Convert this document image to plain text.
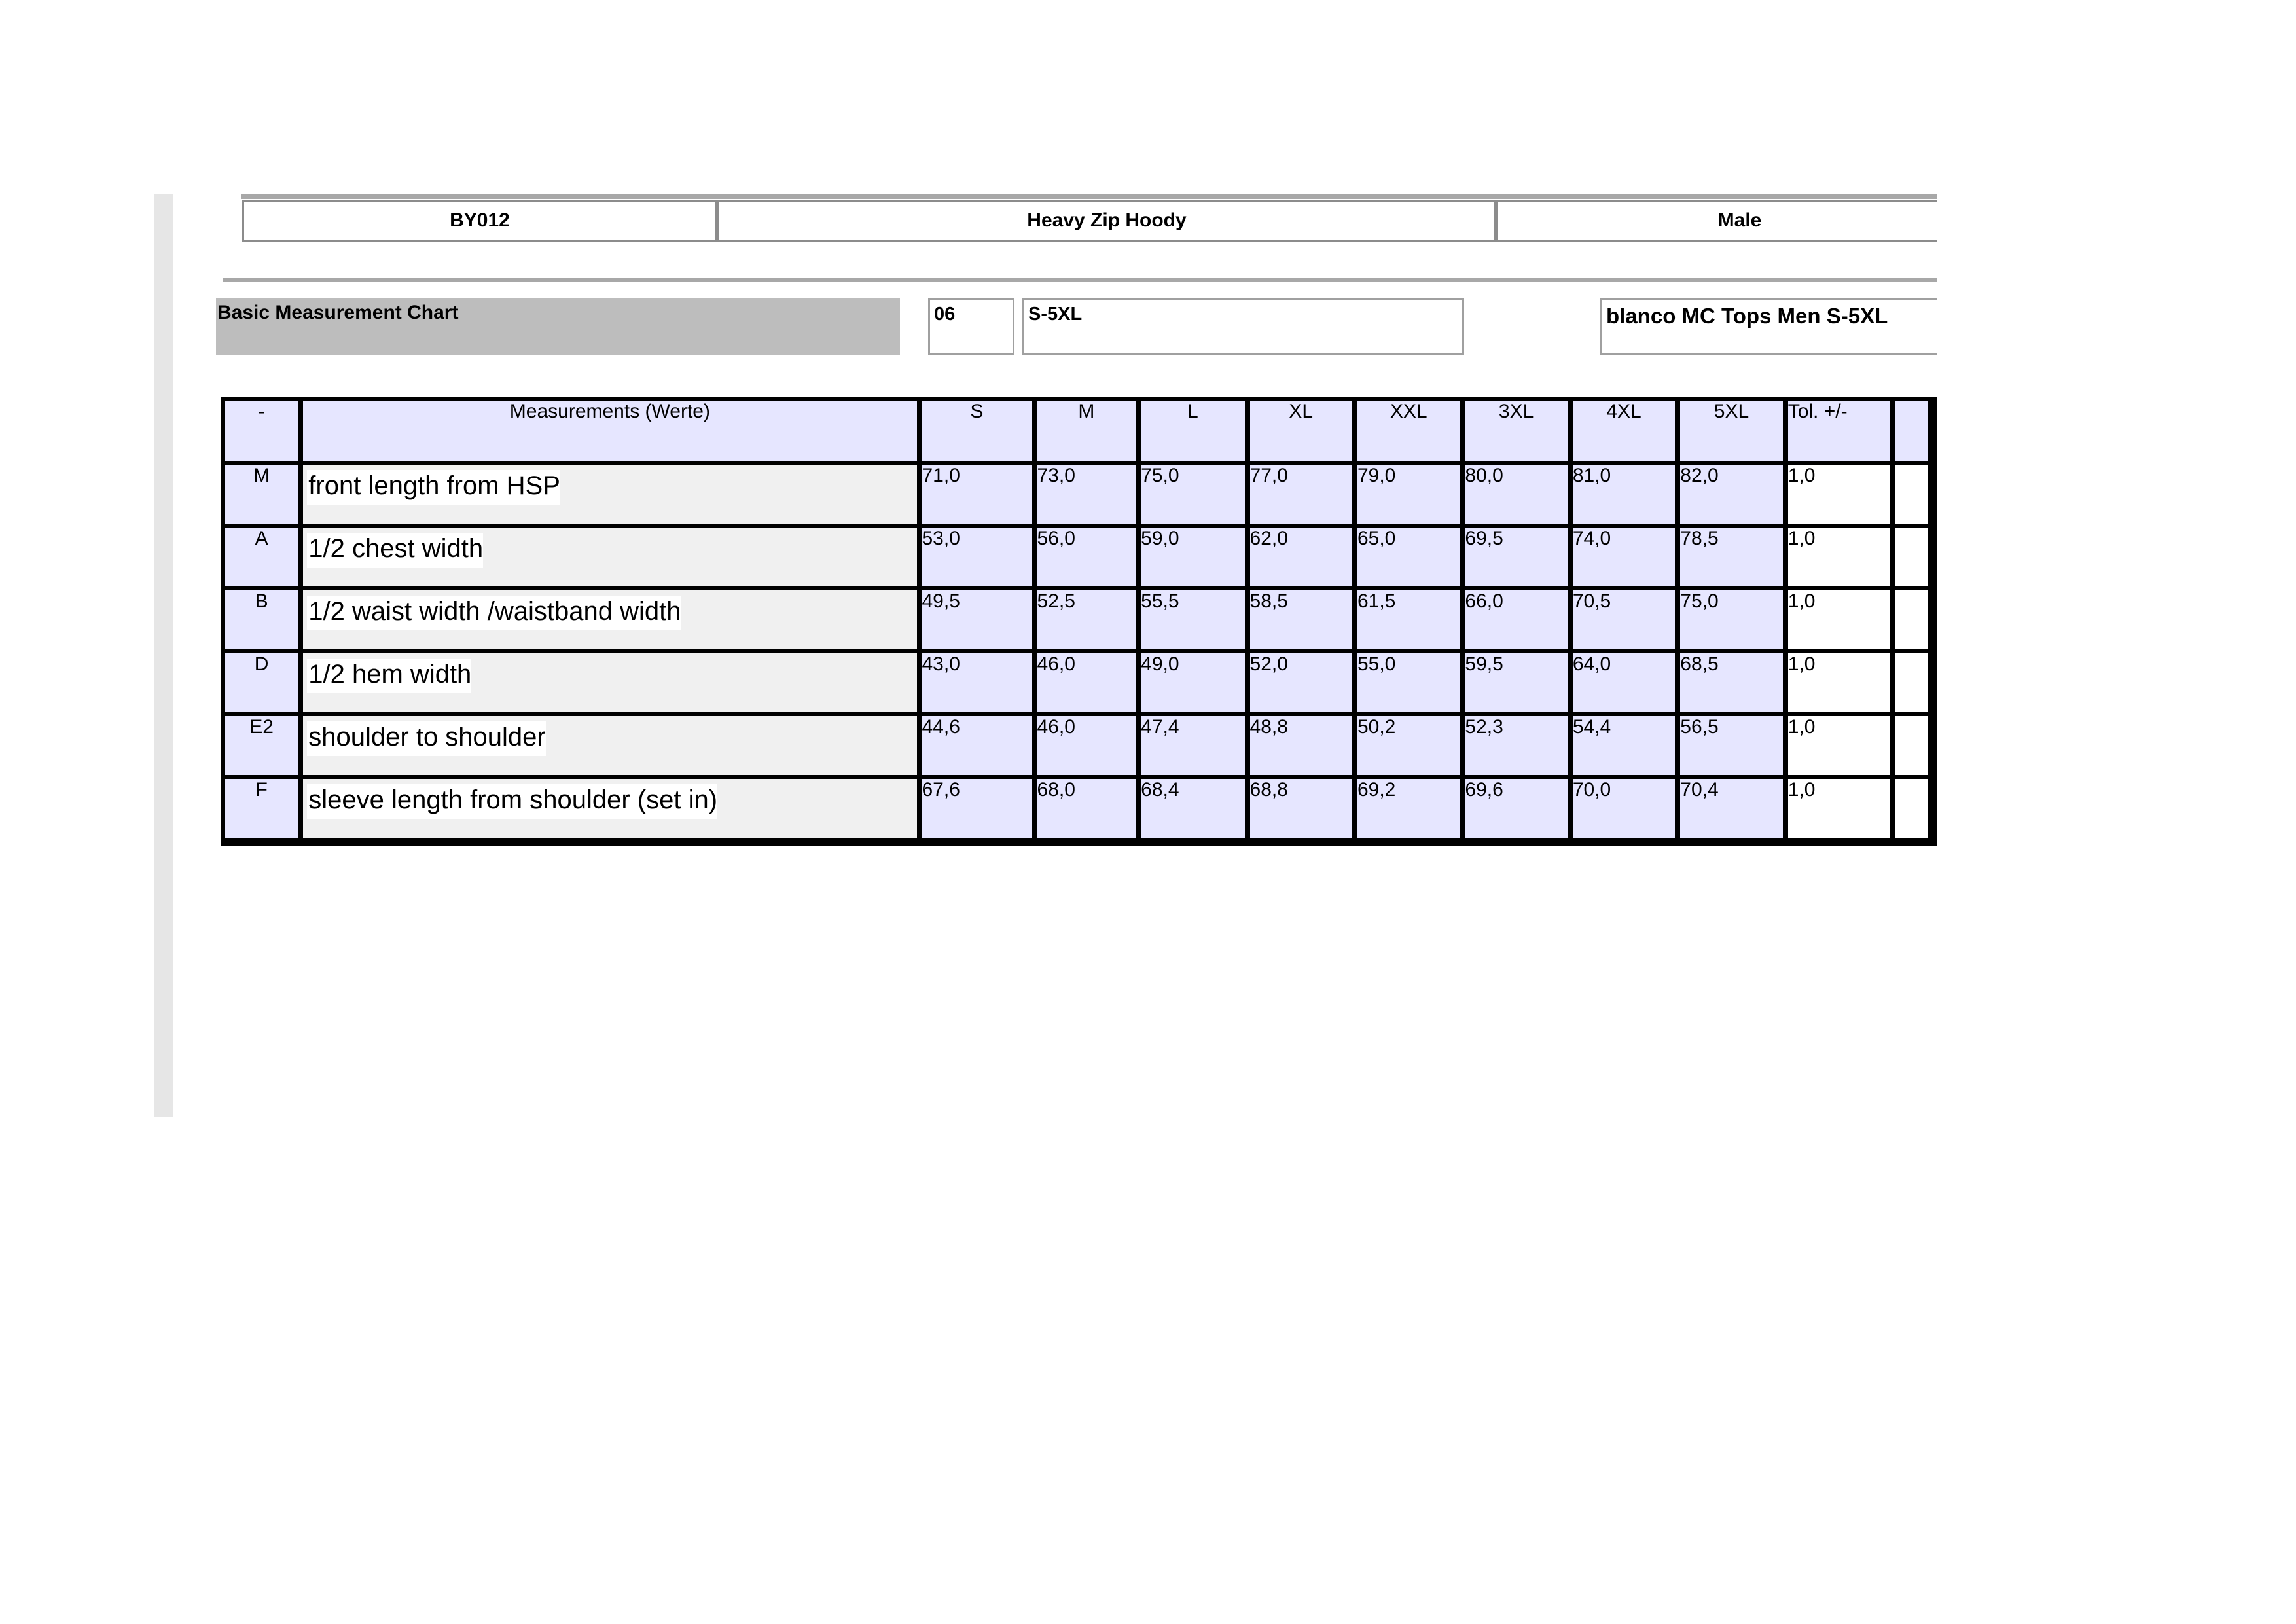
BY012	Heavy Zip Hoody	Male
Basic Measurement Chart	06	S-5XL	blanco MC Tops Men S-5XL
-	Measurements (Werte)	S	M	L	XL	XXL	3XL	4XL	5XL	Tol. +/-	
M	front length from HSP	71,0	73,0	75,0	77,0	79,0	80,0	81,0	82,0	1,0	
A	1/2 chest width	53,0	56,0	59,0	62,0	65,0	69,5	74,0	78,5	1,0	
B	1/2 waist width /waistband width	49,5	52,5	55,5	58,5	61,5	66,0	70,5	75,0	1,0	
D	1/2 hem width	43,0	46,0	49,0	52,0	55,0	59,5	64,0	68,5	1,0	
E2	shoulder to shoulder	44,6	46,0	47,4	48,8	50,2	52,3	54,4	56,5	1,0	
F	sleeve length from shoulder (set in)	67,6	68,0	68,4	68,8	69,2	69,6	70,0	70,4	1,0	
